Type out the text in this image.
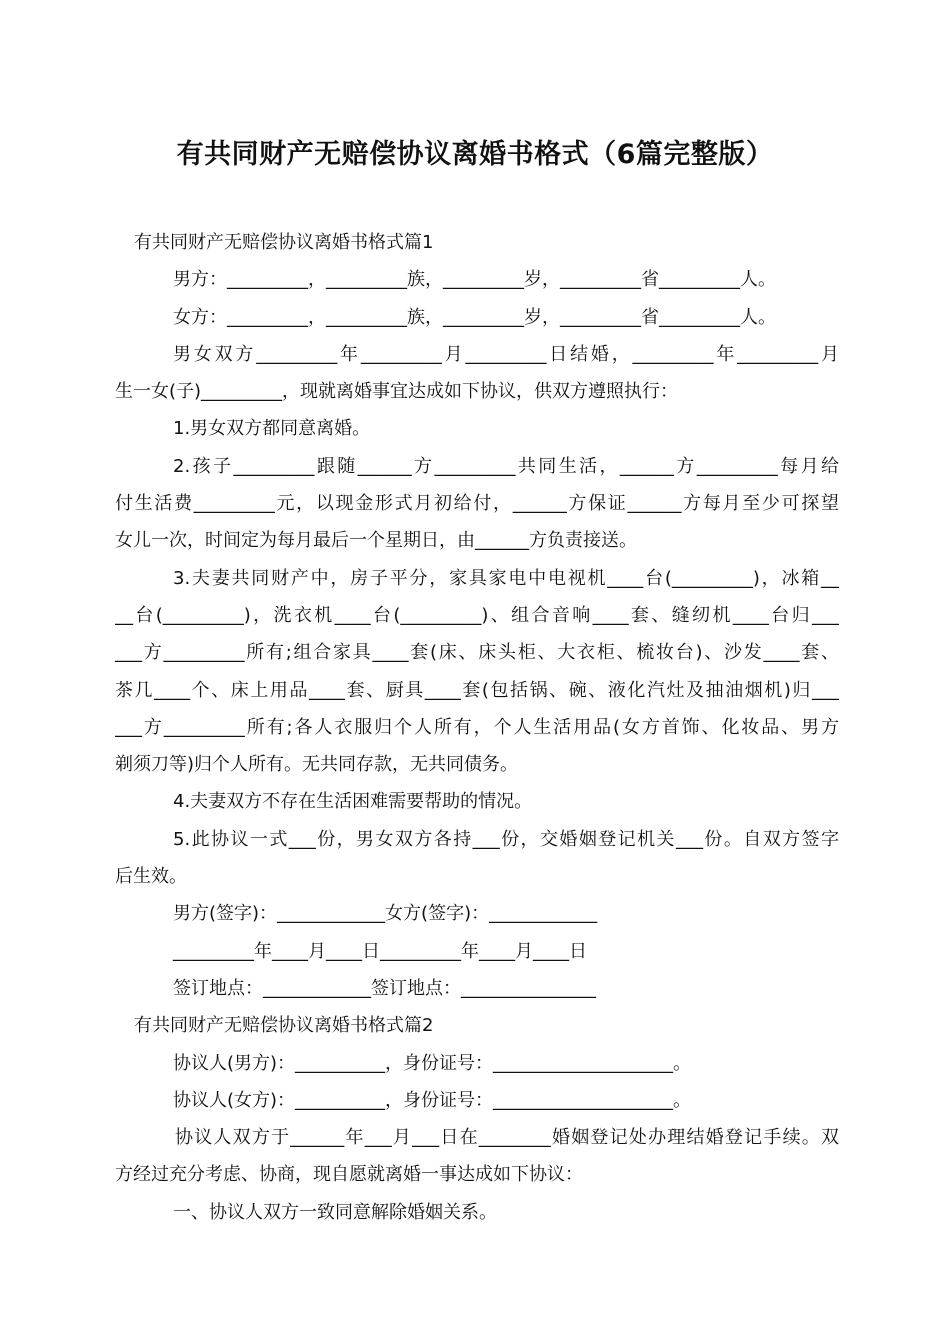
有共同财产无赔偿协议离婚书格式（6篇完整版）
有共同财产无赔偿协议离婚书格式篇1
男方：_________，_________族，_________岁，_________省_________人。
女方：_________，_________族，_________岁，_________省_________人。
男女双方_________年_________月_________日结婚，_________年_________月
生一女(子)_________，现就离婚事宜达成如下协议，供双方遵照执行：
1.男女双方都同意离婚。
2.孩子_________跟随______方_________共同生活，______方_________每月给
付生活费_________元，以现金形式月初给付，______方保证______方每月至少可探望
女儿一次，时间定为每月最后一个星期日，由______方负责接送。
3.夫妻共同财产中，房子平分，家具家电中电视机____台(_________)，冰箱__
__台(_________)，洗衣机____台(_________)、组合音响____套、缝纫机____台归___
___方_________所有;组合家具____套(床、床头柜、大衣柜、梳妆台)、沙发____套、
茶几____个、床上用品____套、厨具____套(包括锅、碗、液化汽灶及抽油烟机)归___
___方_________所有;各人衣服归个人所有，个人生活用品(女方首饰、化妆品、男方
剃须刀等)归个人所有。无共同存款，无共同债务。
4.夫妻双方不存在生活困难需要帮助的情况。
5.此协议一式___份，男女双方各持___份，交婚姻登记机关___份。自双方签字
后生效。
男方(签字)：____________女方(签字)：____________
_________年____月____日_________年____月____日
签订地点：____________签订地点：_______________
有共同财产无赔偿协议离婚书格式篇2
协议人(男方)：__________，身份证号：____________________。
协议人(女方)：__________，身份证号：____________________。
协议人双方于______年___月___日在________婚姻登记处办理结婚登记手续。双
方经过充分考虑、协商，现自愿就离婚一事达成如下协议：
一、协议人双方一致同意解除婚姻关系。
